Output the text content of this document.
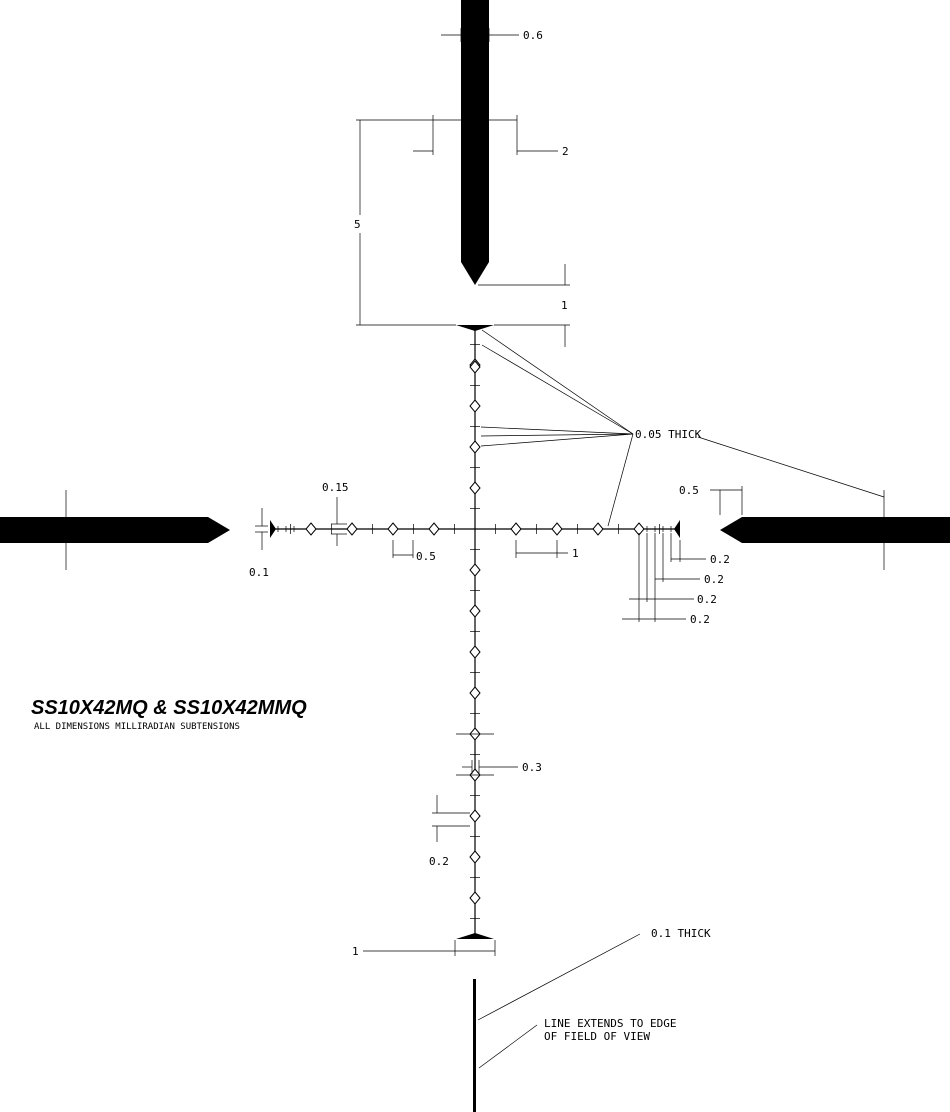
0.6
2
5
1
0.05 THICK
0.15
0.1
0.5	1
0.5
0.2
0.2
0.2
0.2
0.3
0.2
1
0.1 THICK
LINE EXTENDS TO EDGE
OF FIELD OF VIEW
SS10X42MQ & SS10X42MMQ
ALL DIMENSIONS MILLIRADIAN SUBTENSIONS
